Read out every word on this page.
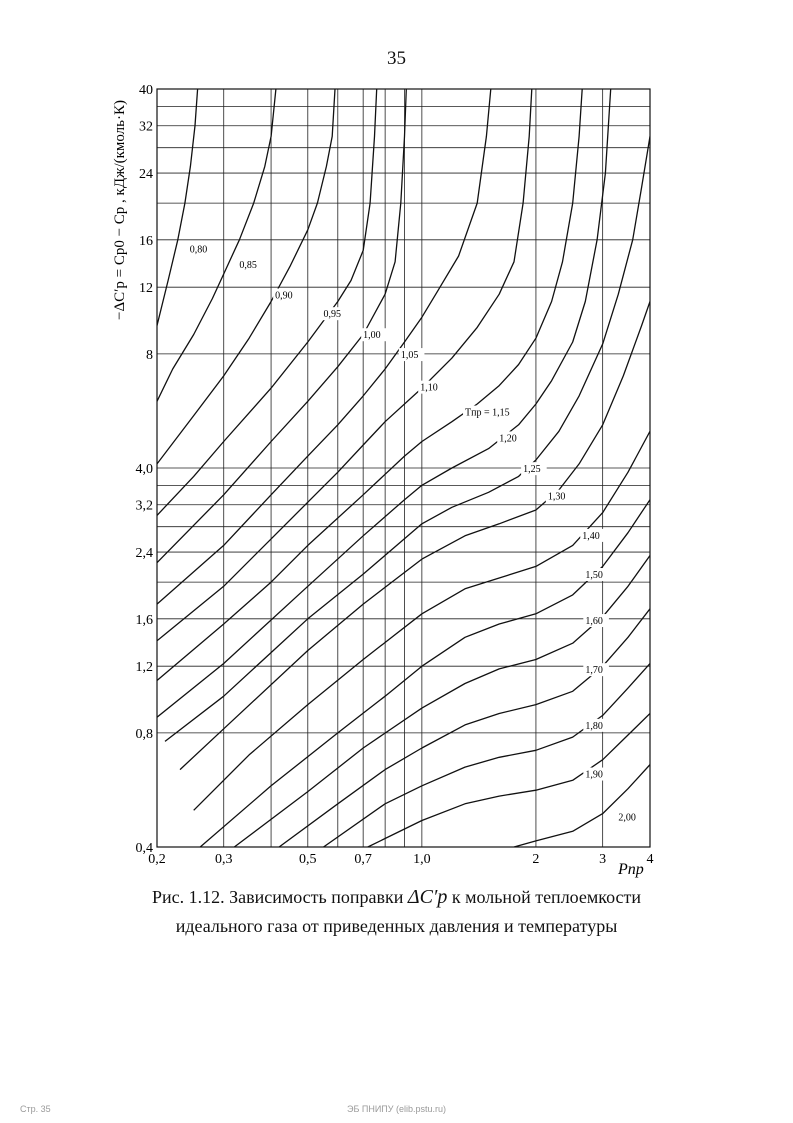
35
0,80
0,85
0,90
0,95
1,00
1,05
1,10
Tпр = 1,15
1,20
1,25
1,30
1,40
1,50
1,60
1,70
1,80
1,90
2,00
0,2	0,3	0,5	0,7	1,0	2	3	4
0,4
0,8
1,2
1,6
2,4
3,2
4,0
8
12
16
24
32
40
Pпр
−ΔC′p = Cp0 − Cp , кДж/(кмоль·К)
Рис. 1.12. Зависимость поправки ΔC′p к мольной теплоемкости
идеального газа от приведенных давления и температуры
Стр. 35	ЭБ ПНИПУ (elib.pstu.ru)
